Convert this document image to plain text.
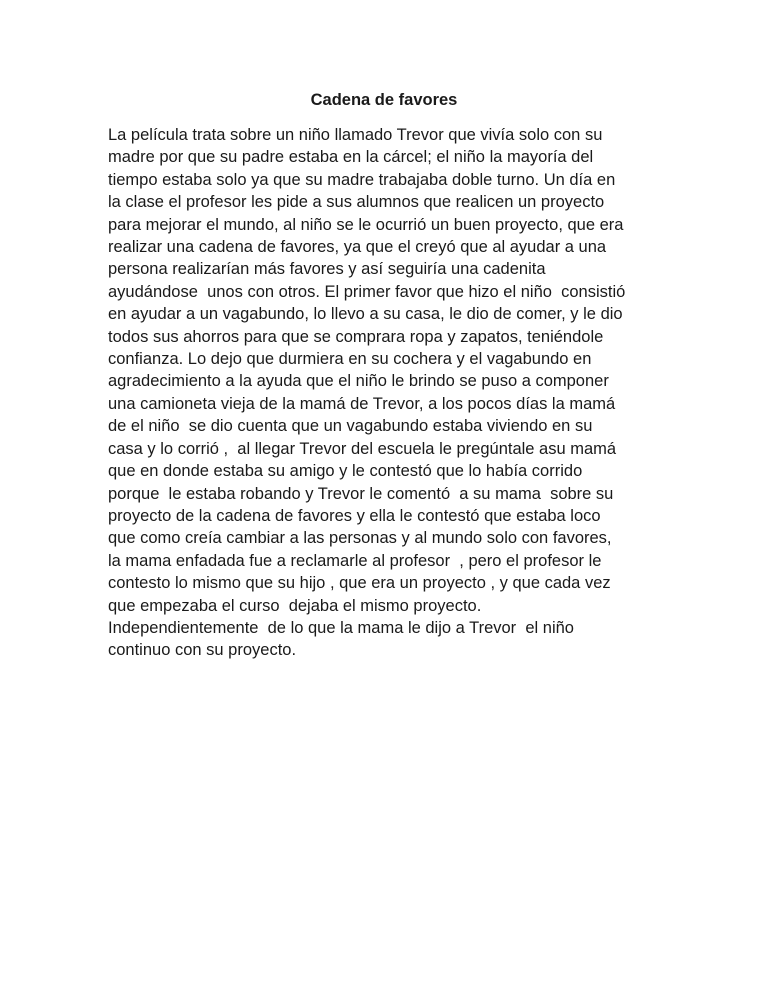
Cadena de favores
La película trata sobre un niño llamado Trevor que vivía solo con su
madre por que su padre estaba en la cárcel; el niño la mayoría del
tiempo estaba solo ya que su madre trabajaba doble turno. Un día en
la clase el profesor les pide a sus alumnos que realicen un proyecto
para mejorar el mundo, al niño se le ocurrió un buen proyecto, que era
realizar una cadena de favores, ya que el creyó que al ayudar a una
persona realizarían más favores y así seguiría una cadenita
ayudándose  unos con otros. El primer favor que hizo el niño  consistió
en ayudar a un vagabundo, lo llevo a su casa, le dio de comer, y le dio
todos sus ahorros para que se comprara ropa y zapatos, teniéndole
confianza. Lo dejo que durmiera en su cochera y el vagabundo en
agradecimiento a la ayuda que el niño le brindo se puso a componer
una camioneta vieja de la mamá de Trevor, a los pocos días la mamá
de el niño  se dio cuenta que un vagabundo estaba viviendo en su
casa y lo corrió ,  al llegar Trevor del escuela le pregúntale asu mamá
que en donde estaba su amigo y le contestó que lo había corrido
porque  le estaba robando y Trevor le comentó  a su mama  sobre su
proyecto de la cadena de favores y ella le contestó que estaba loco
que como creía cambiar a las personas y al mundo solo con favores,
la mama enfadada fue a reclamarle al profesor  , pero el profesor le
contesto lo mismo que su hijo , que era un proyecto , y que cada vez
que empezaba el curso  dejaba el mismo proyecto.
Independientemente  de lo que la mama le dijo a Trevor  el niño
continuo con su proyecto.
